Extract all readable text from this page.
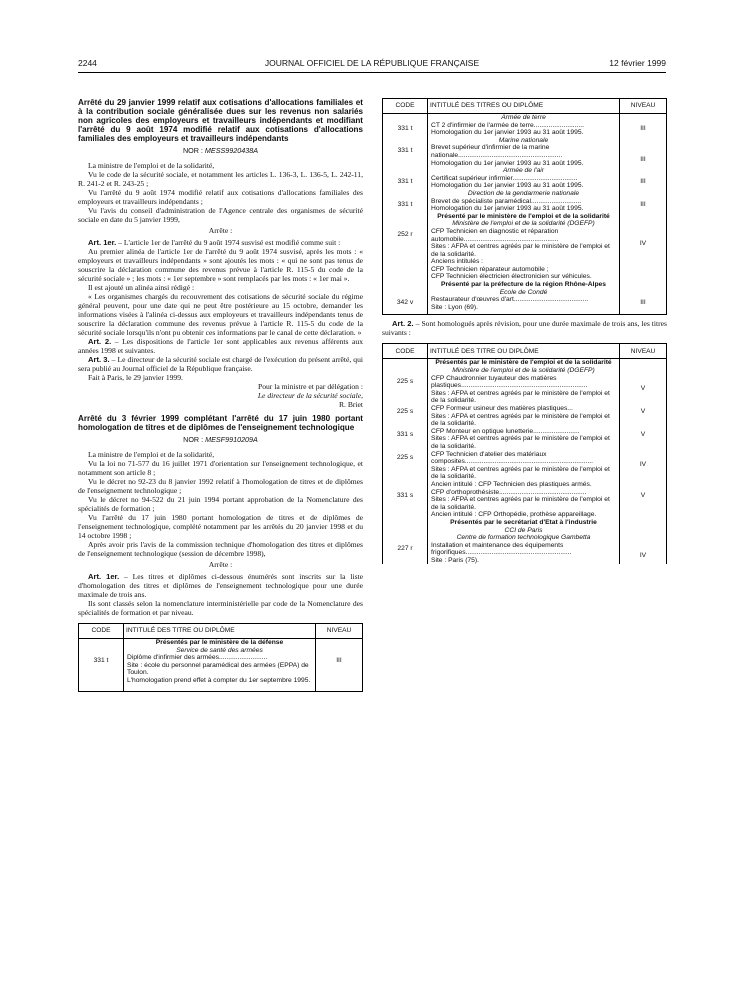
2244	JOURNAL OFFICIEL DE LA RÉPUBLIQUE FRANÇAISE	12 février 1999

Arrêté du 29 janvier 1999 relatif aux cotisations d'allocations familiales et à la contribution sociale généralisée dues sur les revenus non salariés non agricoles des employeurs et travailleurs indépendants et modifiant l'arrêté du 9 août 1974 modifié relatif aux cotisations d'allocations familiales des employeurs et travailleurs indépendants

NOR : MESS9920438A

La ministre de l'emploi et de la solidarité,

Vu le code de la sécurité sociale, et notamment les articles L. 136-3, L. 136-5, L. 242-11, R. 241-2 et R. 243-25 ;

Vu l'arrêté du 9 août 1974 modifié relatif aux cotisations d'allocations familiales des employeurs et travailleurs indépendants ;

Vu l'avis du conseil d'administration de l'Agence centrale des organismes de sécurité sociale en date du 5 janvier 1999,

Arrête :

Art. 1er. – L'article 1er de l'arrêté du 9 août 1974 susvisé est modifié comme suit :

Au premier alinéa de l'article 1er de l'arrêté du 9 août 1974 susvisé, après les mots : « employeurs et travailleurs indépendants » sont ajoutés les mots : « qui ne sont pas tenus de souscrire la déclaration commune des revenus prévue à l'article R. 115-5 du code de la sécurité sociale » ; les mots : « 1er septembre » sont remplacés par les mots : « 1er mai ».

Il est ajouté un alinéa ainsi rédigé :

« Les organismes chargés du recouvrement des cotisations de sécurité sociale du régime général peuvent, pour une date qui ne peut être postérieure au 15 octobre, demander les informations visées à l'alinéa ci-dessus aux employeurs et travailleurs indépendants tenus de souscrire la déclaration commune des revenus prévue à l'article R. 115-5 du code de la sécurité sociale lorsqu'ils n'ont pu obtenir ces informations par le canal de cette déclaration. »

Art. 2. – Les dispositions de l'article 1er sont applicables aux revenus afférents aux années 1998 et suivantes.

Art. 3. – Le directeur de la sécurité sociale est chargé de l'exécution du présent arrêté, qui sera publié au Journal officiel de la République française.

Fait à Paris, le 29 janvier 1999.

Pour la ministre et par délégation :

Le directeur de la sécurité sociale,

R. Briet

Arrêté du 3 février 1999 complétant l'arrêté du 17 juin 1980 portant homologation de titres et de diplômes de l'enseignement technologique

NOR : MESF9910209A

La ministre de l'emploi et de la solidarité,

Vu la loi no 71-577 du 16 juillet 1971 d'orientation sur l'enseignement technologique, et notamment son article 8 ;

Vu le décret no 92-23 du 8 janvier 1992 relatif à l'homologation de titres et de diplômes de l'enseignement technologique ;

Vu le décret no 94-522 du 21 juin 1994 portant approbation de la Nomenclature des spécialités de formation ;

Vu l'arrêté du 17 juin 1980 portant homologation de titres et de diplômes de l'enseignement technologique, complété notamment par les arrêtés du 20 janvier 1998 et du 14 octobre 1998 ;

Après avoir pris l'avis de la commission technique d'homologation des titres et diplômes de l'enseignement technologique (session de décembre 1998),

Arrête :

Art. 1er. – Les titres et diplômes ci-dessous énumérés sont inscrits sur la liste d'homologation des titres et diplômes de l'enseignement technologique pour une durée maximale de trois ans.

Ils sont classés selon la nomenclature interministérielle par code de la Nomenclature des spécialités de formation et par niveau.

CODE	INTITULÉ DES TITRE OU DIPLÔME	NIVEAU
	Présentés par le ministère de la défense	
	Service de santé des armées	
331 t	Diplôme d'infirmier des armées..........................
Site : école du personnel paramédical des armées (EPPA) de Toulon.
L'homologation prend effet à compter du 1er septembre 1995.	III
CODE	INTITULÉ DES TITRES OU DIPLÔME	NIVEAU
	Armée de terre	
331 t	CT 2 d'infirmier de l'armée de terre...........................
Homologation du 1er janvier 1993 au 31 août 1995.	III
	Marine nationale	
331 t	Brevet supérieur d'infirmier de la marine nationale........................................................
Homologation du 1er janvier 1993 au 31 août 1995.	III
	Armée de l'air	
331 t	Certificat supérieur infirmier...................................
Homologation du 1er janvier 1993 au 31 août 1995.	III
	Direction de la gendarmerie nationale	
331 t	Brevet de spécialiste paramédical...........................
Homologation du 1er janvier 1993 au 31 août 1995.	III
	Présenté par le ministère de l'emploi et de la solidarité	
	Ministère de l'emploi et de la solidarité (DGEFP)	
252 r	CFP Technicien en diagnostic et réparation automobile...................................................
Sites : AFPA et centres agréés par le ministère de l'emploi et de la solidarité.
Anciens intitulés :
CFP Technicien réparateur automobile ;
CFP Technicien électricien électronicien sur véhicules.	IV
	Présenté par la préfecture de la région Rhône-Alpes	
	Ecole de Condé	
342 v	Restaurateur d'œuvres d'art........................................
Site : Lyon (69).	III

Art. 2. – Sont homologués après révision, pour une durée maximale de trois ans, les titres suivants :

CODE	INTITULÉ DES TITRE OU DIPLÔME	NIVEAU
	Présentés par le ministère de l'emploi et de la solidarité	
	Ministère de l'emploi et de la solidarité (DGEFP)	
225 s	CFP Chaudronnier tuyauteur des matières plastiques....................................................................
Sites : AFPA et centres agréés par le ministère de l'emploi et de la solidarité.	V
225 s	CFP Formeur usineur des matières plastiques...
Sites : AFPA et centres agréés par le ministère de l'emploi et de la solidarité.	V
331 s	CFP Monteur en optique lunetterie.........................
Sites : AFPA et centres agréés par le ministère de l'emploi et de la solidarité.	V
225 s	CFP Technicien d'atelier des matériaux composites.....................................................................
Sites : AFPA et centres agréés par le ministère de l'emploi et de la solidarité.
Ancien intitulé : CFP Technicien des plastiques armés.	IV
331 s	CFP d'orthoprothésiste...............................................
Sites : AFPA et centres agréés par le ministère de l'emploi et de la solidarité.
Ancien intitulé : CFP Orthopédie, prothèse appareillage.	V
	Présentés par le secrétariat d'Etat à l'industrie	
	CCI de Paris	
	Centre de formation technologique Gambetta	
227 r	Installation et maintenance des équipements frigorifiques.........................................................
Site : Paris (75).	IV
